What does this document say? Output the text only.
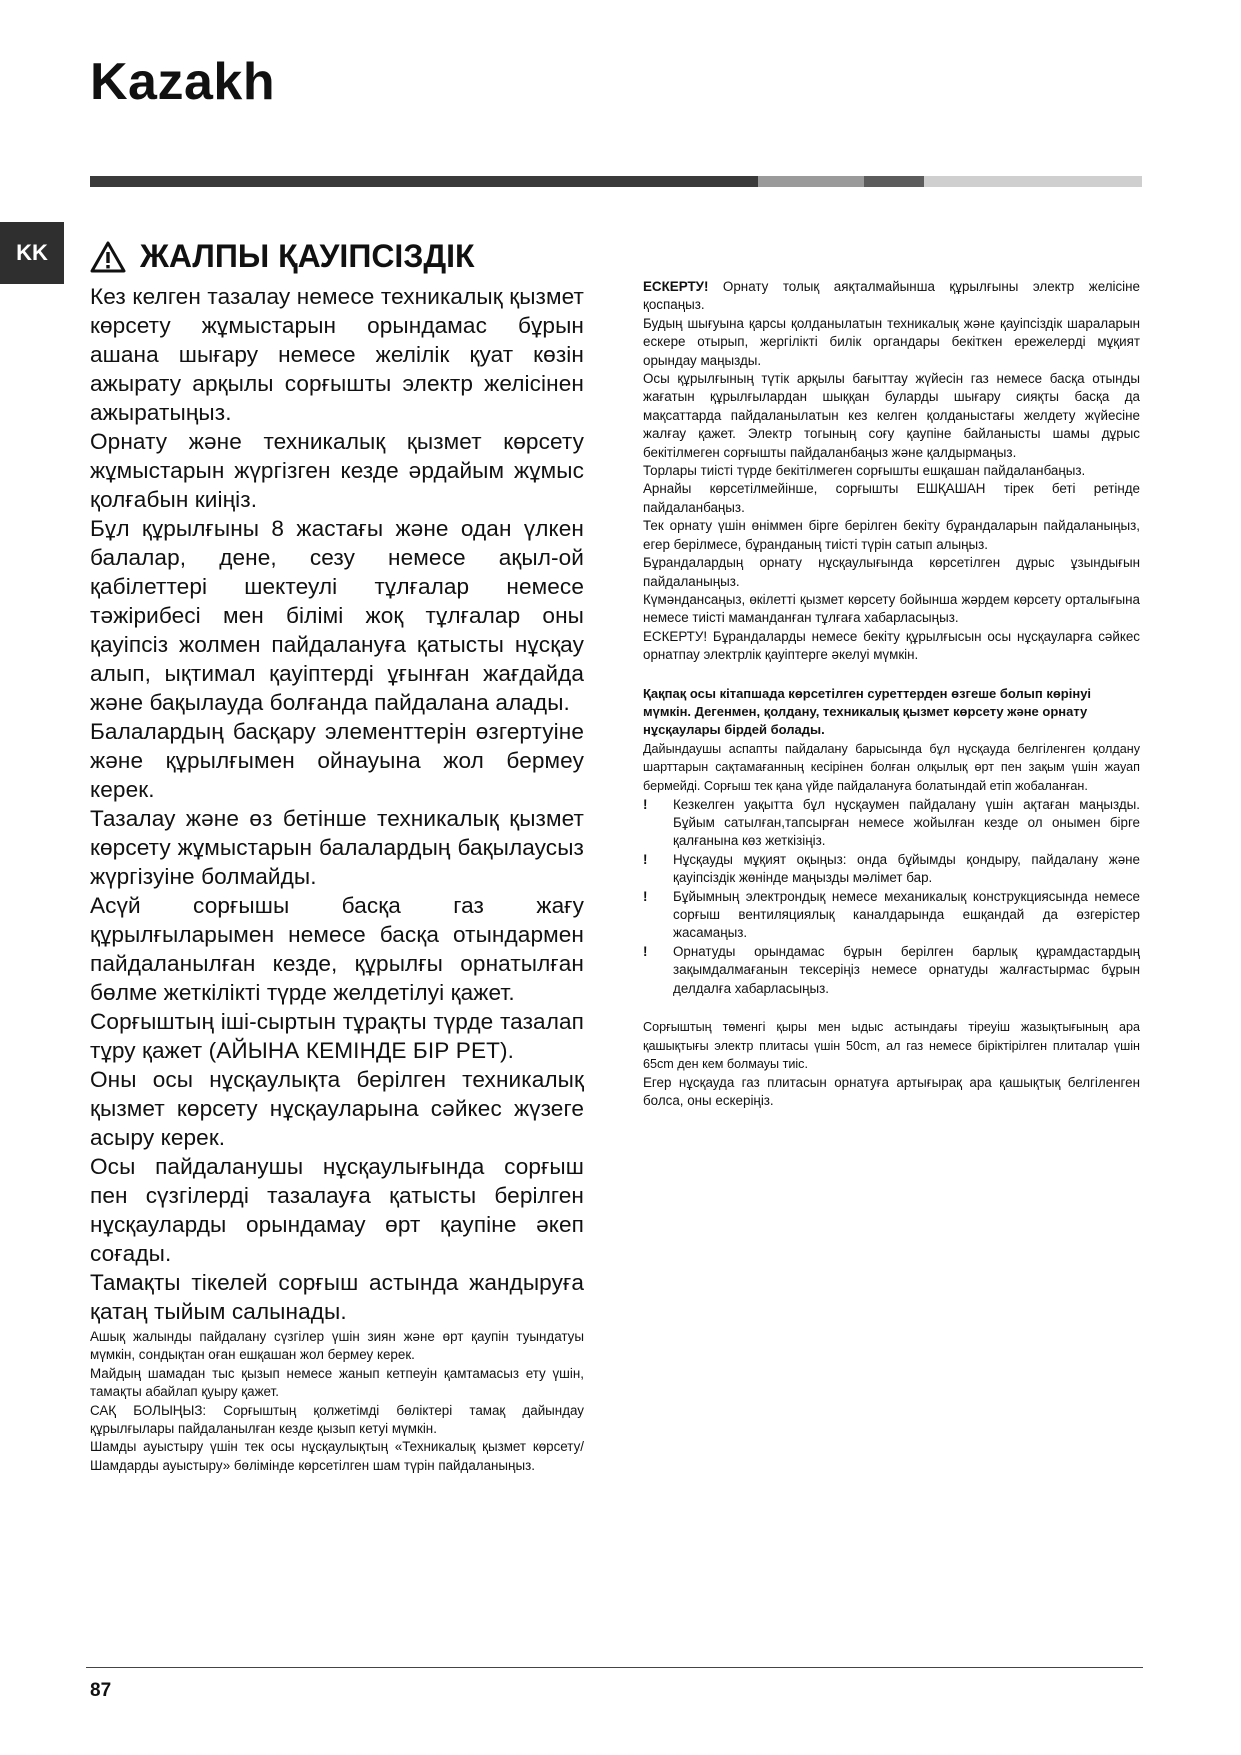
Kazakh
KK	ЖАЛПЫ ҚАУІПСІЗДІК

Кез келген тазалау немесе техникалық қызмет көрсету жұмыстарын орындамас бұрын ашана шығару немесе желілік қуат көзін ажырату арқылы сорғышты электр желісінен ажыратыңыз.

Орнату және техникалық қызмет көрсету жұмыстарын жүргізген кезде әрдайым жұмыс қолғабын киіңіз.

Бұл құрылғыны 8 жастағы және одан үлкен балалар, дене, сезу немесе ақыл-ой қабілеттері шектеулі тұлғалар немесе тәжірибесі мен білімі жоқ тұлғалар оны қауіпсіз жолмен пайдалануға қатысты нұсқау алып, ықтимал қауіптерді ұғынған жағдайда және бақылауда болғанда пайдалана алады.

Балалардың басқару элементтерін өзгертуіне және құрылғымен ойнауына жол бермеу керек.

Тазалау және өз бетінше техникалық қызмет көрсету жұмыстарын балалардың бақылаусыз жүргізуіне болмайды.

Асүй сорғышы басқа газ жағу құрылғыларымен немесе басқа отындармен пайдаланылған кезде, құрылғы орнатылған бөлме жеткілікті түрде желдетілуі қажет.

Сорғыштың іші-сыртын тұрақты түрде тазалап тұру қажет (АЙЫНА КЕМІНДЕ БІР РЕТ).

Оны осы нұсқаулықта берілген техникалық қызмет көрсету нұсқауларына сәйкес жүзеге асыру керек.

Осы пайдаланушы нұсқаулығында сорғыш пен сүзгілерді тазалауға қатысты берілген нұсқауларды орындамау өрт қаупіне әкеп соғады.

Тамақты тікелей сорғыш астында жандыруға қатаң тыйым салынады.

Ашық жалынды пайдалану сүзгілер үшін зиян және өрт қаупін туындатуы мүмкін, сондықтан оған ешқашан жол бермеу керек.

Майдың шамадан тыс қызып немесе жанып кетпеуін қамтамасыз ету үшін, тамақты абайлап қуыру қажет.

САҚ БОЛЫҢЫЗ: Сорғыштың қолжетімді бөліктері тамақ дайындау құрылғылары пайдаланылған кезде қызып кетуі мүмкін.

Шамды ауыстыру үшін тек осы нұсқаулықтың «Техникалық қызмет көрсету/Шамдарды ауыстыру» бөлімінде көрсетілген шам түрін пайдаланыңыз.

ЕСКЕРТУ! Орнату толық аяқталмайынша құрылғыны электр желісіне қоспаңыз.

Будың шығуына қарсы қолданылатын техникалық және қауіпсіздік шараларын ескере отырып, жергілікті билік органдары бекіткен ережелерді мұқият орындау маңызды.

Осы құрылғының түтік арқылы бағыттау жүйесін газ немесе басқа отынды жағатын құрылғылардан шыққан буларды шығару сияқты басқа да мақсаттарда пайдаланылатын кез келген қолданыстағы желдету жүйесіне жалғау қажет. Электр тогының соғу қаупіне байланысты шамы дұрыс бекітілмеген сорғышты пайдаланбаңыз және қалдырмаңыз.

Торлары тиісті түрде бекітілмеген сорғышты ешқашан пайдаланбаңыз.

Арнайы көрсетілмейінше, сорғышты ЕШҚАШАН тірек беті ретінде пайдаланбаңыз.

Тек орнату үшін өніммен бірге берілген бекіту бұрандаларын пайдаланыңыз, егер берілмесе, бұранданың тиісті түрін сатып алыңыз.

Бұрандалардың орнату нұсқаулығында көрсетілген дұрыс ұзындығын пайдаланыңыз.

Күмәндансаңыз, өкілетті қызмет көрсету бойынша жәрдем көрсету орталығына немесе тиісті маманданған тұлғаға хабарласыңыз.

ЕСКЕРТУ! Бұрандаларды немесе бекіту құрылғысын осы нұсқауларға сәйкес орнатпау электрлік қауіптерге әкелуі мүмкін.

Қақпақ осы кітапшада көрсетілген суреттерден өзгеше болып көрінуі мүмкін. Дегенмен, қолдану, техникалық қызмет көрсету және орнату нұсқаулары бірдей болады.

Дайындаушы аспапты пайдалану барысында бұл нұсқауда белгіленген қолдану шарттарын сақтамағанның кесірінен болған олқылық өрт пен зақым үшін жауап бермейді. Сорғыш тек қана үйде пайдалануға болатындай етіп жобаланған.

!	Кезкелген уақытта бұл нұсқаумен пайдалану үшін ақтаған маңызды. Бұйым сатылған,тапсырған немесе жойылған кезде ол онымен бірге қалғанына көз жеткізіңіз.
!	Нұсқауды мұқият оқыңыз: онда бұйымды қондыру, пайдалану және қауіпсіздік жөнінде маңызды мәлімет бар.
!	Бұйымның электрондық немесе механикалық конструкциясында немесе сорғыш вентиляциялық каналдарында ешқандай да өзгерістер жасамаңыз.
!	Орнатуды орындамас бұрын берілген барлық құрамдастардың зақымдалмағанын тексеріңіз немесе орнатуды жалғастырмас бұрын делдалға хабарласыңыз.

Сорғыштың төменгі қыры мен ыдыс астындағы тіреуіш жазықтығының ара қашықтығы электр плитасы үшін 50cm, ал газ немесе біріктірілген плиталар үшін 65cm ден кем болмауы тиіс.

Егер нұсқауда газ плитасын орнатуға артығырақ ара қашықтық белгіленген болса, оны ескеріңіз.

87
